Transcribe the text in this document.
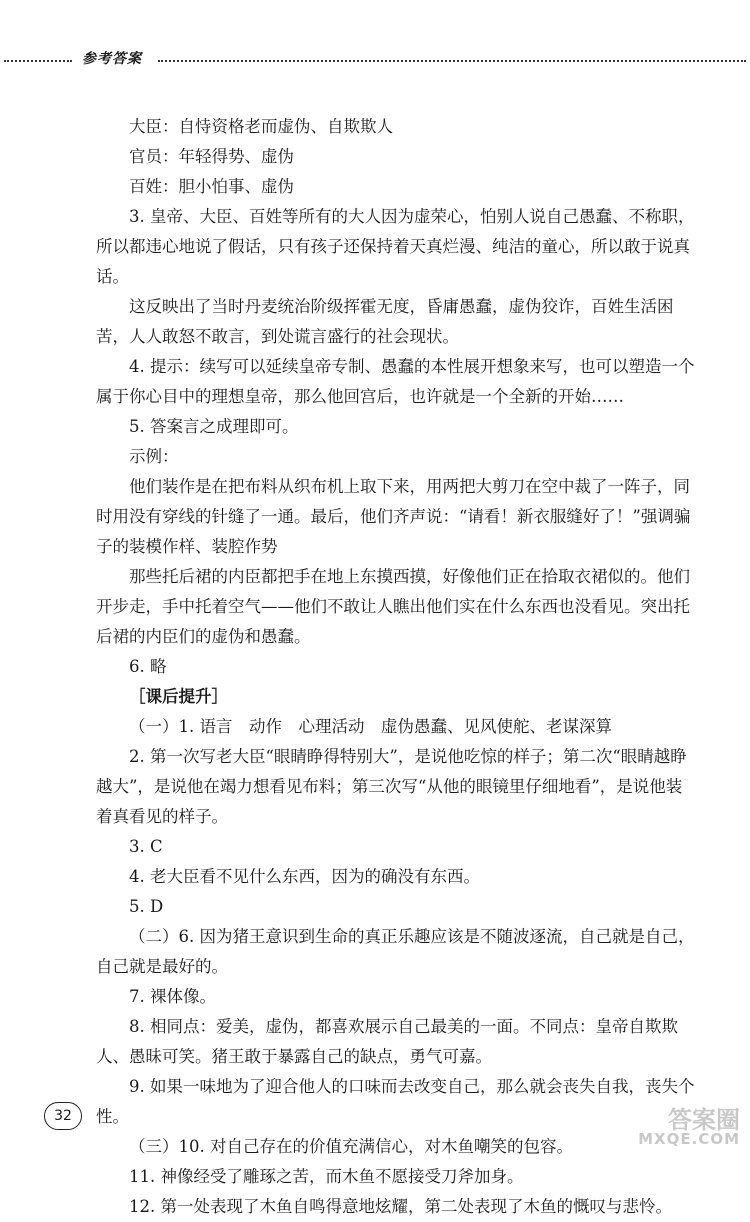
参考答案

大臣：自恃资格老而虚伪、自欺欺人

官员：年轻得势、虚伪

百姓：胆小怕事、虚伪

3. 皇帝、大臣、百姓等所有的大人因为虚荣心，怕别人说自己愚蠢、不称职，所以都违心地说了假话，只有孩子还保持着天真烂漫、纯洁的童心，所以敢于说真话。

这反映出了当时丹麦统治阶级挥霍无度，昏庸愚蠢，虚伪狡诈，百姓生活困苦，人人敢怒不敢言，到处谎言盛行的社会现状。

4. 提示：续写可以延续皇帝专制、愚蠢的本性展开想象来写，也可以塑造一个属于你心目中的理想皇帝，那么他回宫后，也许就是一个全新的开始……

5. 答案言之成理即可。

示例：

他们装作是在把布料从织布机上取下来，用两把大剪刀在空中裁了一阵子，同时用没有穿线的针缝了一通。最后，他们齐声说：“请看！新衣服缝好了！”强调骗子的装模作样、装腔作势

那些托后裙的内臣都把手在地上东摸西摸，好像他们正在拾取衣裙似的。他们开步走，手中托着空气——他们不敢让人瞧出他们实在什么东西也没看见。突出托后裙的内臣们的虚伪和愚蠢。

6. 略

［课后提升］

（一）1. 语言　动作　心理活动　虚伪愚蠢、见风使舵、老谋深算

2. 第一次写老大臣“眼睛睁得特别大”，是说他吃惊的样子；第二次“眼睛越睁越大”，是说他在竭力想看见布料；第三次写“从他的眼镜里仔细地看”，是说他装着真看见的样子。

3. C

4. 老大臣看不见什么东西，因为的确没有东西。

5. D

（二）6. 因为猪王意识到生命的真正乐趣应该是不随波逐流，自己就是自己，自己就是最好的。

7. 裸体像。

8. 相同点：爱美，虚伪，都喜欢展示自己最美的一面。不同点：皇帝自欺欺人、愚昧可笑。猪王敢于暴露自己的缺点，勇气可嘉。

9. 如果一味地为了迎合他人的口味而去改变自己，那么就会丧失自我，丧失个性。

（三）10. 对自己存在的价值充满信心，对木鱼嘲笑的包容。

11. 神像经受了雕琢之苦，而木鱼不愿接受刀斧加身。

12. 第一处表现了木鱼自鸣得意地炫耀，第二处表现了木鱼的慨叹与悲怜。

32	答案圈
MXQE.COM
